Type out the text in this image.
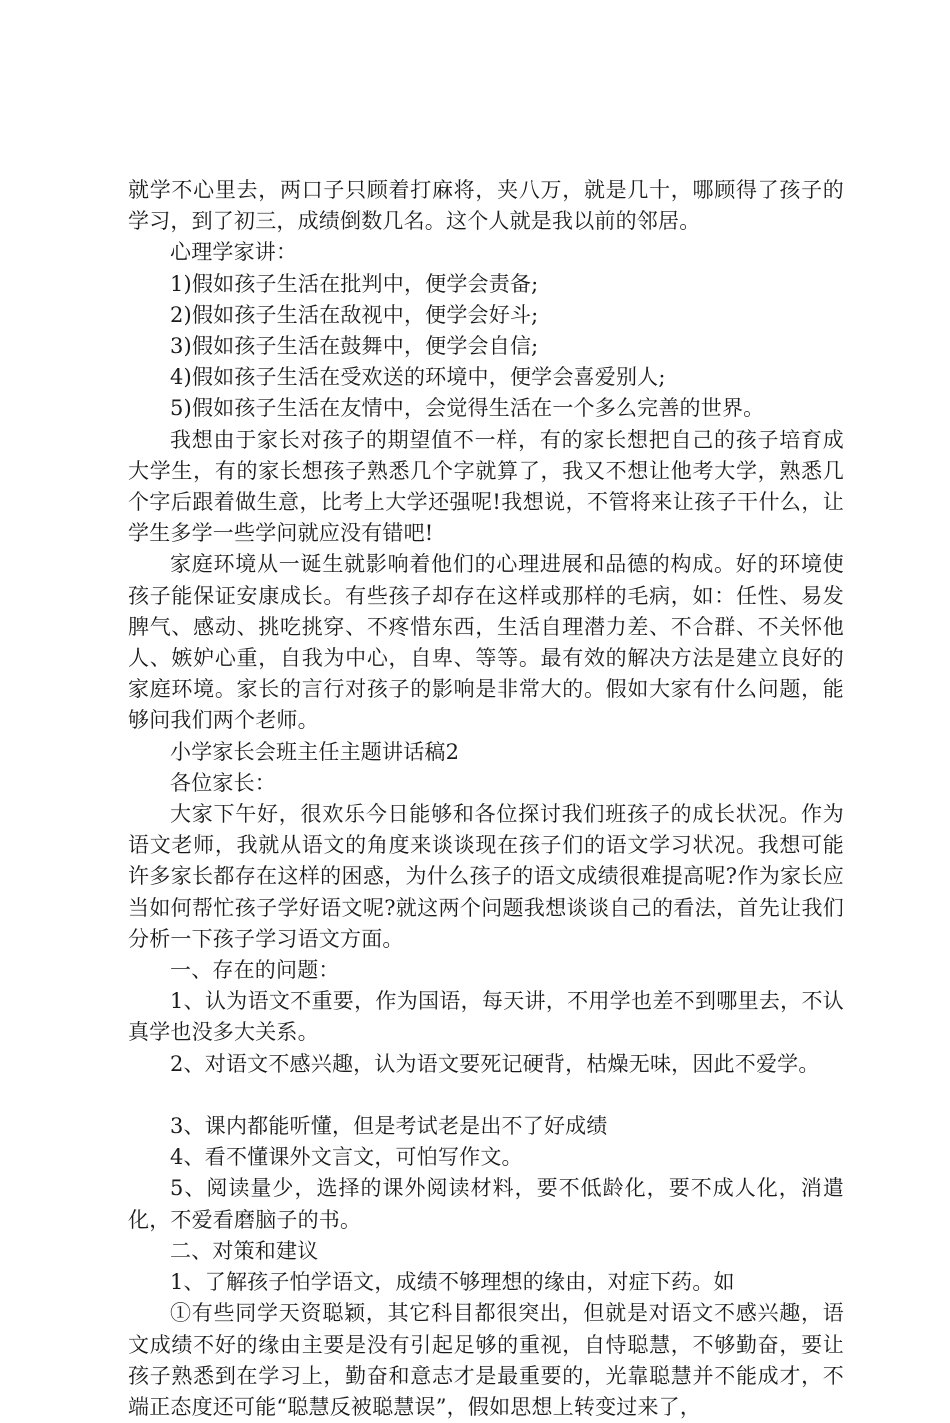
就学不心里去，两口子只顾着打麻将，夹八万，就是几十，哪顾得了孩子的学习，到了初三，成绩倒数几名。这个人就是我以前的邻居。

心理学家讲：

1)假如孩子生活在批判中，便学会责备;

2)假如孩子生活在敌视中，便学会好斗;

3)假如孩子生活在鼓舞中，便学会自信;

4)假如孩子生活在受欢送的环境中，便学会喜爱别人;

5)假如孩子生活在友情中，会觉得生活在一个多么完善的世界。

我想由于家长对孩子的期望值不一样，有的家长想把自己的孩子培育成大学生，有的家长想孩子熟悉几个字就算了，我又不想让他考大学，熟悉几个字后跟着做生意，比考上大学还强呢!我想说，不管将来让孩子干什么，让学生多学一些学问就应没有错吧!

家庭环境从一诞生就影响着他们的心理进展和品德的构成。好的环境使孩子能保证安康成长。有些孩子却存在这样或那样的毛病，如：任性、易发脾气、感动、挑吃挑穿、不疼惜东西，生活自理潜力差、不合群、不关怀他人、嫉妒心重，自我为中心，自卑、等等。最有效的解决方法是建立良好的家庭环境。家长的言行对孩子的影响是非常大的。假如大家有什么问题，能够问我们两个老师。

小学家长会班主任主题讲话稿2

各位家长：

大家下午好，很欢乐今日能够和各位探讨我们班孩子的成长状况。作为语文老师，我就从语文的角度来谈谈现在孩子们的语文学习状况。我想可能许多家长都存在这样的困惑，为什么孩子的语文成绩很难提高呢?作为家长应当如何帮忙孩子学好语文呢?就这两个问题我想谈谈自己的看法，首先让我们分析一下孩子学习语文方面。

一、存在的问题：

1、认为语文不重要，作为国语，每天讲，不用学也差不到哪里去，不认真学也没多大关系。

2、对语文不感兴趣，认为语文要死记硬背，枯燥无味，因此不爱学。

3、课内都能听懂，但是考试老是出不了好成绩

4、看不懂课外文言文，可怕写作文。

5、阅读量少，选择的课外阅读材料，要不低龄化，要不成人化，消遣化，不爱看磨脑子的书。

二、对策和建议

1、了解孩子怕学语文，成绩不够理想的缘由，对症下药。如

①有些同学天资聪颖，其它科目都很突出，但就是对语文不感兴趣，语文成绩不好的缘由主要是没有引起足够的重视，自恃聪慧，不够勤奋，要让孩子熟悉到在学习上，勤奋和意志才是最重要的，光靠聪慧并不能成才，不端正态度还可能“聪慧反被聪慧误”，假如思想上转变过来了，
